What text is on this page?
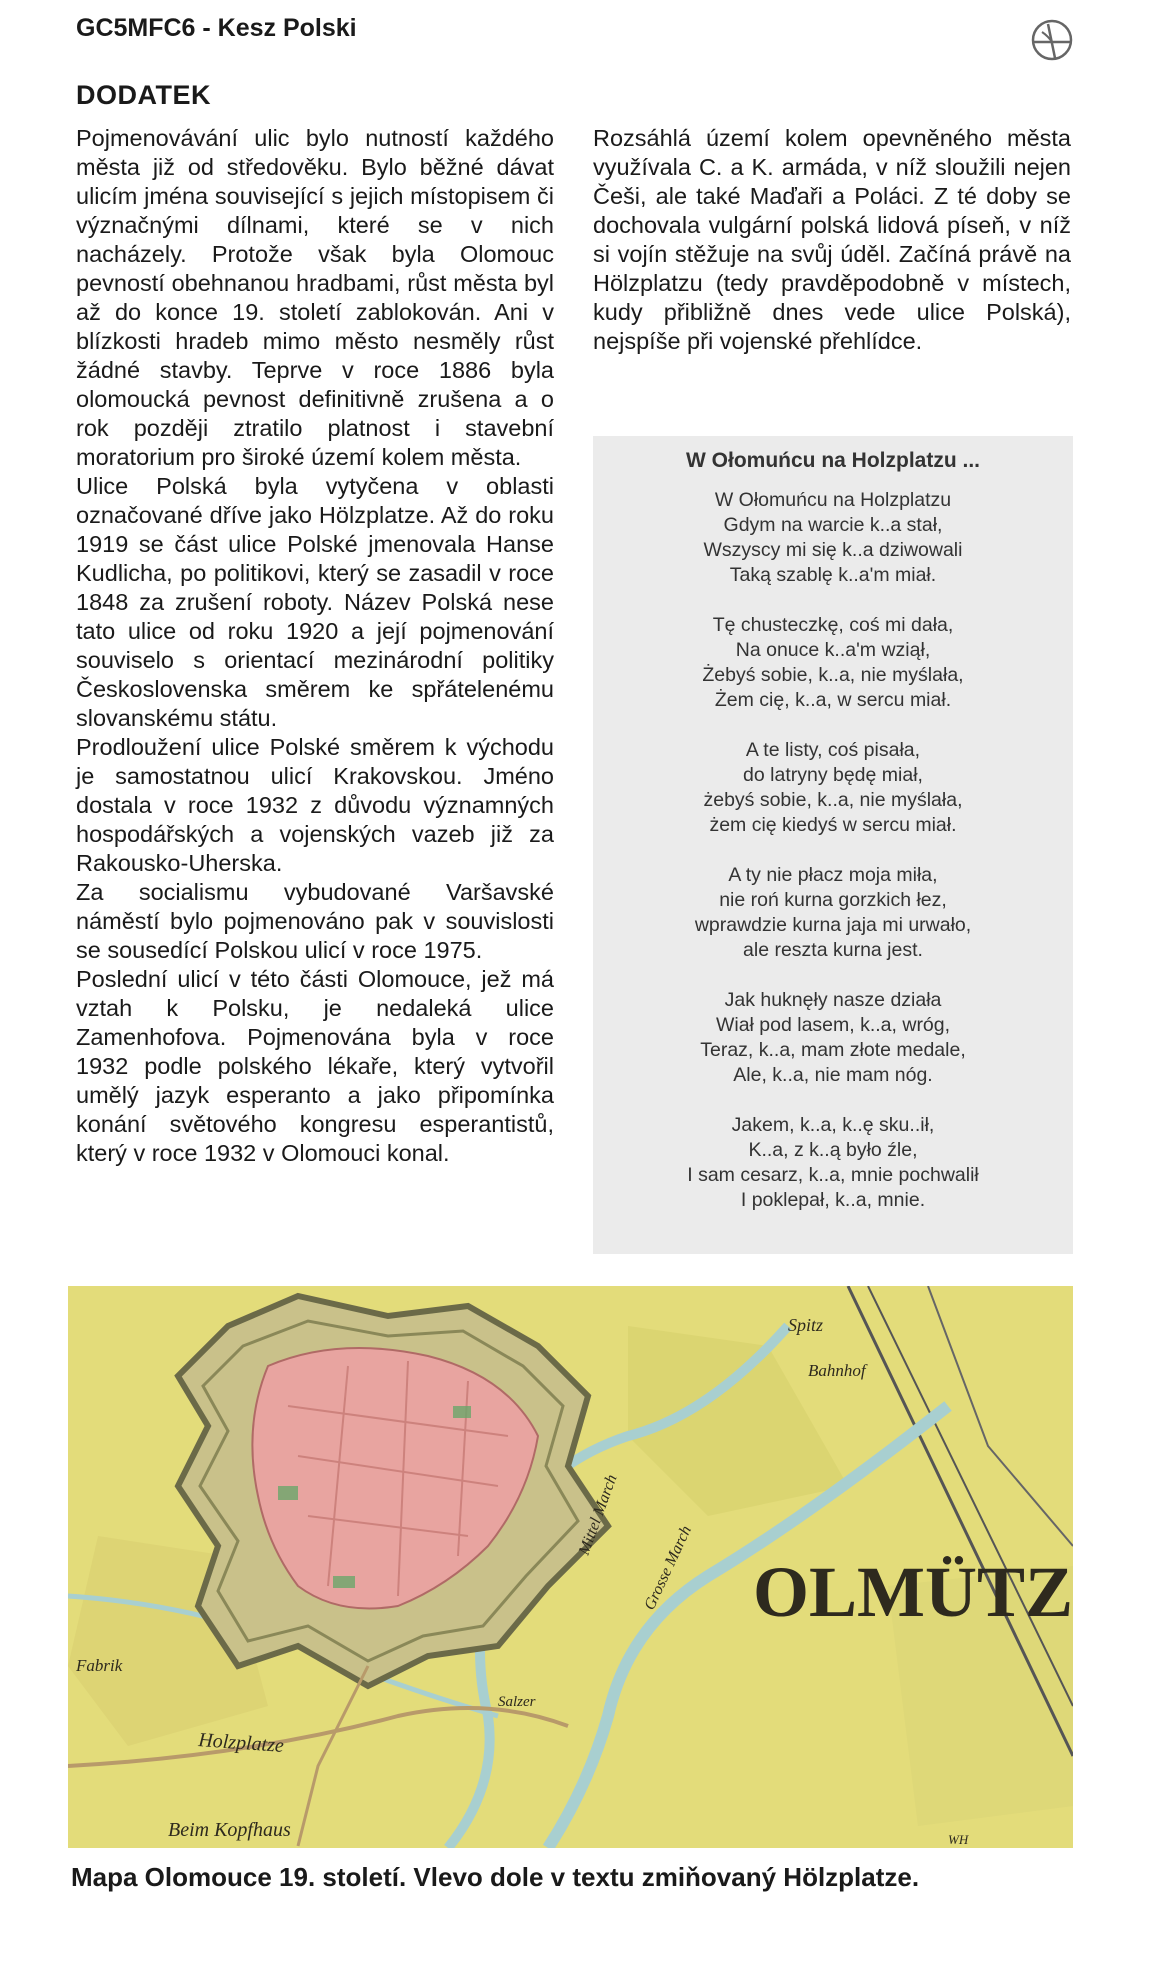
GC5MFC6 - Kesz Polski
DODATEK

Pojmenovávání ulic bylo nutností každého města již od středověku. Bylo běžné dávat ulicím jména související s jejich místopisem či význačnými dílnami, které se v nich nacházely. Protože však byla Olomouc pevností obehnanou hradbami, růst města byl až do konce 19. století zablokován. Ani v blízkosti hradeb mimo město nesměly růst žádné stavby. Teprve v roce 1886 byla olomoucká pevnost definitivně zrušena a o rok později ztratilo platnost i stavební moratorium pro široké území kolem města.

Ulice Polská byla vytyčena v oblasti označované dříve jako Hölzplatze. Až do roku 1919 se část ulice Polské jmenovala Hanse Kudlicha, po politikovi, který se zasadil v roce 1848 za zrušení roboty. Název Polská nese tato ulice od roku 1920 a její pojmenování souviselo s orientací mezinárodní politiky Československa směrem ke spřátelenému slovanskému státu.

Prodloužení ulice Polské směrem k východu je samostatnou ulicí Krakovskou. Jméno dostala v roce 1932 z důvodu významných hospodářských a vojenských vazeb již za Rakousko-Uherska.

Za socialismu vybudované Varšavské náměstí bylo pojmenováno pak v souvislosti se sousedící Polskou ulicí v roce 1975.

Poslední ulicí v této části Olomouce, jež má vztah k Polsku, je nedaleká ulice Zamenhofova. Pojmenována byla v roce 1932 podle polského lékaře, který vytvořil umělý jazyk esperanto a jako připomínka konání světového kongresu esperantistů, který v roce 1932 v Olomouci konal.

Rozsáhlá území kolem opevněného města využívala C. a K. armáda, v níž sloužili nejen Češi, ale také Maďaři a Poláci. Z té doby se dochovala vulgární polská lidová píseň, v níž si vojín stěžuje na svůj úděl. Začíná právě na Hölzplatzu (tedy pravděpodobně v místech, kudy přibližně dnes vede ulice Polská), nejspíše při vojenské přehlídce.

W Ołomuńcu na Holzplatzu ...
W Ołomuńcu na Holzplatzu
Gdym na warcie k..a stał,
Wszyscy mi się k..a dziwowali
Taką szablę k..a'm miał.
Tę chusteczkę, coś mi dała,
Na onuce k..a'm wziął,
Żebyś sobie, k..a, nie myślała,
Żem cię, k..a, w sercu miał.
A te listy, coś pisała,
do latryny będę miał,
żebyś sobie, k..a, nie myślała,
żem cię kiedyś w sercu miał.
A ty nie płacz moja miła,
nie roń kurna gorzkich łez,
wprawdzie kurna jaja mi urwało,
ale reszta kurna jest.
Jak huknęły nasze działa
Wiał pod lasem, k..a, wróg,
Teraz, k..a, mam złote medale,
Ale, k..a, nie mam nóg.
Jakem, k..a, k..ę sku..ił,
K..a, z k..ą było źle,
I sam cesarz, k..a, mnie pochwalił
I poklepał, k..a, mnie.
OLMÜTZ
Holzplatze
Beim Kopfhaus
Fabrik
Spitz
Bahnhof
Mittel March
Grosse March
Salzer
WH
Mapa Olomouce 19. století. Vlevo dole v textu zmiňovaný Hölzplatze.
